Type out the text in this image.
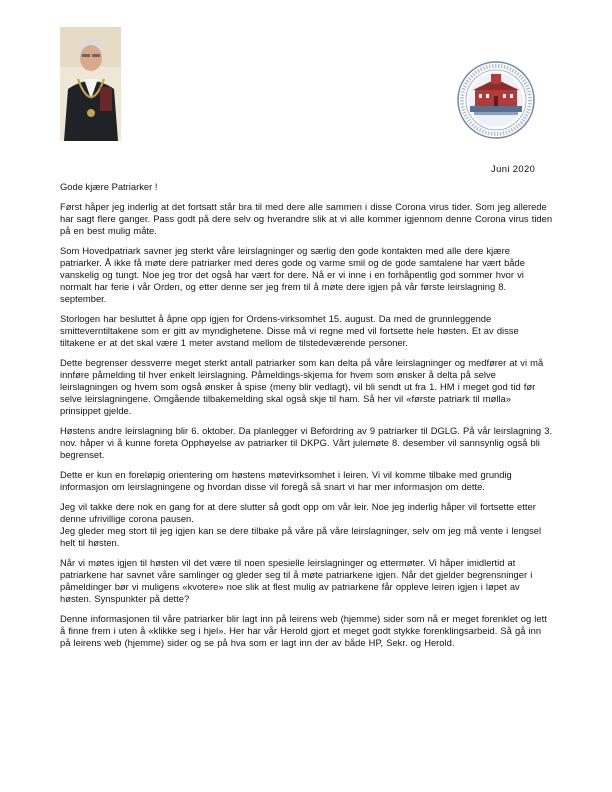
Juni 2020

Gode kjære Patriarker !

Først håper jeg inderlig at det fortsatt står bra til med dere alle sammen i disse Corona virus tider. Som jeg allerede har sagt flere ganger. Pass godt på dere selv og hverandre slik at vi alle kommer igjennom denne Corona virus tiden på en best mulig måte.

Som Hovedpatriark savner jeg sterkt våre leirslagninger og særlig den gode kontakten med alle dere kjære patriarker. Å ikke få møte dere patriarker med deres gode og varme smil og de gode samtalene har vært både vanskelig og tungt. Noe jeg tror det også har vært for dere. Nå er vi inne i en forhåpentlig god sommer hvor vi normalt har ferie i vår Orden, og etter denne ser jeg frem til å møte dere igjen på vår første leirslagning 8. september.

Storlogen har besluttet å åpne opp igjen for Ordens-virksomhet 15. august. Da med de grunnleggende smitteverntiltakene som er gitt av myndighetene. Disse må vi regne med vil fortsette hele høsten. Et av disse tiltakene er at det skal være 1 meter avstand mellom de tilstedeværende personer.

Dette begrenser dessverre meget sterkt antall patriarker som kan delta på våre leirslagninger og medfører at vi må innføre påmelding til hver enkelt leirslagning. Påmeldings-skjema for hvem som ønsker å delta på selve leirslagningen og hvem som også ønsker å spise (meny blir vedlagt), vil bli sendt ut fra 1. HM i meget god tid før selve leirslagningene. Omgående tilbakemelding skal også skje til ham. Så her vil «første patriark til mølla» prinsippet gjelde.

Høstens andre leirslagning blir 6. oktober. Da planlegger vi Befordring av 9 patriarker til DGLG. På vår leirslagning 3. nov. håper vi å kunne foreta Opphøyelse av patriarker til DKPG. Vårt julemøte 8. desember vil sannsynlig også bli begrenset.

Dette er kun en foreløpig orientering om høstens møtevirksomhet i leiren. Vi vil komme tilbake med grundig informasjon om leirslagningene og hvordan disse vil foregå så snart vi har mer informasjon om dette.

Jeg vil takke dere nok en gang for at dere slutter så godt opp om vår leir. Noe jeg inderlig håper vil fortsette etter denne ufrivillige corona pausen.

Jeg gleder meg stort til jeg igjen kan se dere tilbake på våre på våre leirslagninger, selv om jeg må vente i lengsel helt til høsten.

Når vi møtes igjen til høsten vil det være til noen spesielle leirslagninger og ettermøter. Vi håper imidlertid at patriarkene har savnet våre samlinger og gleder seg til å møte patriarkene igjen. Når det gjelder begrensninger i påmeldinger bør vi muligens «kvotere» noe slik at flest mulig av patriarkene får oppleve leiren igjen i løpet av høsten. Synspunkter på dette?

Denne informasjonen til våre patriarker blir lagt inn på leirens web (hjemme) sider som nå er meget forenklet og lett å finne frem i uten å «klikke seg i hjel». Her har vår Herold gjort et meget godt stykke forenklingsarbeid. Så gå inn på leirens web (hjemme) sider og se på hva som er lagt inn der av både HP, Sekr. og Herold.
